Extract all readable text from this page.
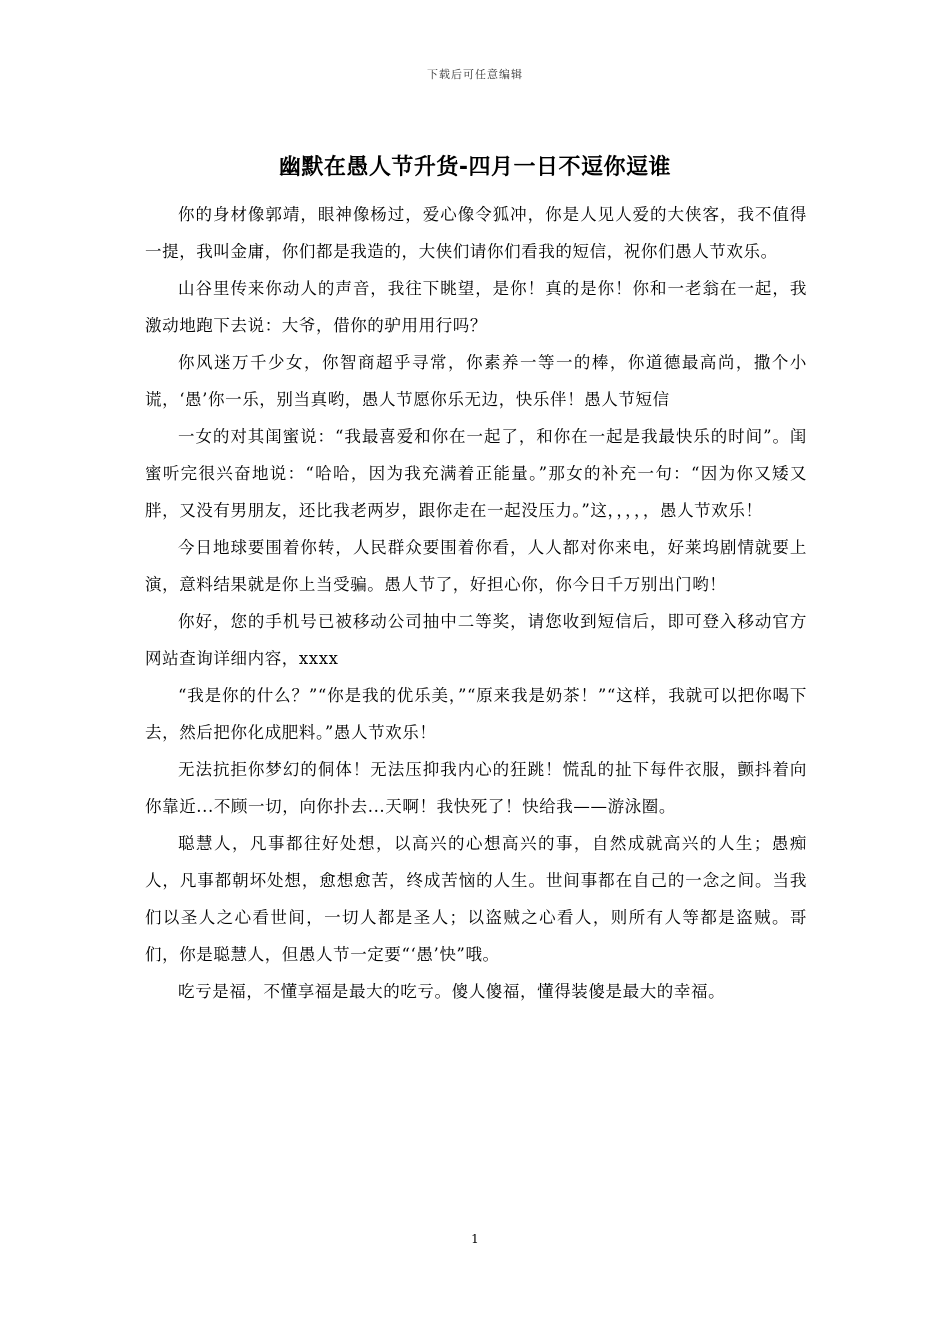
下载后可任意编辑
幽默在愚人节升货-四月一日不逗你逗谁

你的身材像郭靖，眼神像杨过，爱心像令狐冲，你是人见人爱的大侠客，我不值得一提，我叫金庸，你们都是我造的，大侠们请你们看我的短信，祝你们愚人节欢乐。

山谷里传来你动人的声音，我往下眺望，是你！真的是你！你和一老翁在一起，我激动地跑下去说：大爷，借你的驴用用行吗？

你风迷万千少女，你智商超乎寻常，你素养一等一的棒，你道德最高尚，撒个小谎，‘愚’你一乐，别当真哟，愚人节愿你乐无边，快乐伴！愚人节短信

一女的对其闺蜜说：“我最喜爱和你在一起了，和你在一起是我最快乐的时间”。闺蜜听完很兴奋地说：“哈哈，因为我充满着正能量。”那女的补充一句：“因为你又矮又胖，又没有男朋友，还比我老两岁，跟你走在一起没压力。”这，，，，，愚人节欢乐！

今日地球要围着你转，人民群众要围着你看，人人都对你来电，好莱坞剧情就要上演，意料结果就是你上当受骗。愚人节了，好担心你，你今日千万别出门哟！

你好，您的手机号已被移动公司抽中二等奖，请您收到短信后，即可登入移动官方网站查询详细内容，xxxx

“我是你的什么？”“你是我的优乐美，”“原来我是奶茶！”“这样，我就可以把你喝下去，然后把你化成肥料。”愚人节欢乐！

无法抗拒你梦幻的侗体！无法压抑我内心的狂跳！慌乱的扯下每件衣服，颤抖着向你靠近...不顾一切，向你扑去...天啊！我快死了！快给我——游泳圈。

聪慧人，凡事都往好处想，以高兴的心想高兴的事，自然成就高兴的人生；愚痴人，凡事都朝坏处想，愈想愈苦，终成苦恼的人生。世间事都在自己的一念之间。当我们以圣人之心看世间，一切人都是圣人；以盗贼之心看人，则所有人等都是盗贼。哥们，你是聪慧人，但愚人节一定要“‘愚’快”哦。

吃亏是福，不懂享福是最大的吃亏。傻人傻福，懂得装傻是最大的幸福。

1
